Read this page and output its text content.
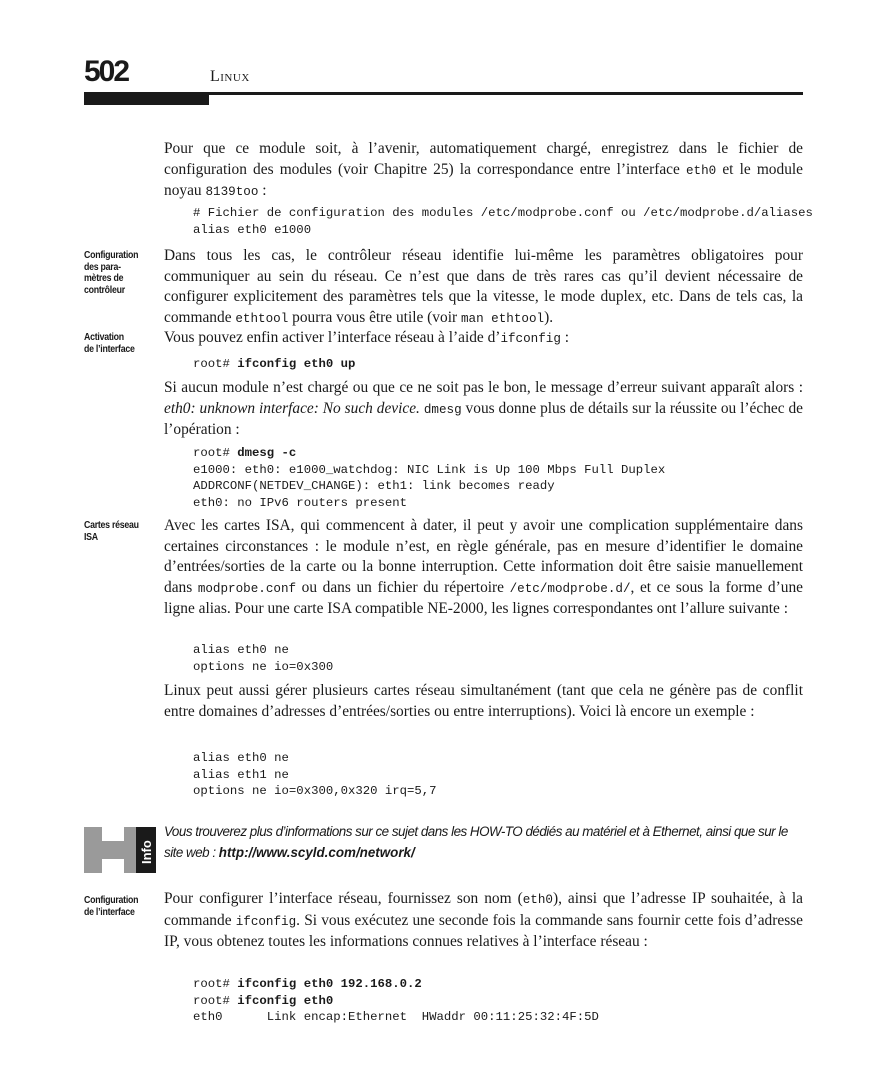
502	Linux

Pour que ce module soit, à l’avenir, automatiquement chargé, enregistrez dans le fichier de configuration des modules (voir Chapitre 25) la correspondance entre l’interface eth0 et le module noyau 8139too :

# Fichier de configuration des modules /etc/modprobe.conf ou /etc/modprobe.d/aliases
alias eth0 e1000
Configuration
des para-
mètres de
contrôleur

Dans tous les cas, le contrôleur réseau identifie lui-même les paramètres obligatoires pour communiquer au sein du réseau. Ce n’est que dans de très rares cas qu’il devient nécessaire de configurer explicitement des paramètres tels que la vitesse, le mode duplex, etc. Dans de tels cas, la commande ethtool pourra vous être utile (voir man ethtool).

Activation
de l’interface

Vous pouvez enfin activer l’interface réseau à l’aide d’ifconfig :

root# ifconfig eth0 up

Si aucun module n’est chargé ou que ce ne soit pas le bon, le message d’erreur suivant apparaît alors : eth0: unknown interface: No such device. dmesg vous donne plus de détails sur la réussite ou l’échec de l’opération :

root# dmesg -c
e1000: eth0: e1000_watchdog: NIC Link is Up 100 Mbps Full Duplex
ADDRCONF(NETDEV_CHANGE): eth1: link becomes ready
eth0: no IPv6 routers present
Cartes réseau
ISA

Avec les cartes ISA, qui commencent à dater, il peut y avoir une complication supplémentaire dans certaines circonstances : le module n’est, en règle générale, pas en mesure d’identifier le domaine d’entrées/sorties de la carte ou la bonne interruption. Cette information doit être saisie manuellement dans modprobe.conf ou dans un fichier du répertoire /etc/modprobe.d/, et ce sous la forme d’une ligne alias. Pour une carte ISA compatible NE-2000, les lignes correspondantes ont l’allure suivante :

alias eth0 ne
options ne io=0x300

Linux peut aussi gérer plusieurs cartes réseau simultanément (tant que cela ne génère pas de conflit entre domaines d’adresses d’entrées/sorties ou entre interruptions). Voici là encore un exemple :

alias eth0 ne
alias eth1 ne
options ne io=0x300,0x320 irq=5,7
Info

Vous trouverez plus d’informations sur ce sujet dans les HOW-TO dédiés au matériel et à Ethernet, ainsi que sur le site web : http://www.scyld.com/network/

Configuration
de l’interface

Pour configurer l’interface réseau, fournissez son nom (eth0), ainsi que l’adresse IP souhaitée, à la commande ifconfig. Si vous exécutez une seconde fois la commande sans fournir cette fois d’adresse IP, vous obtenez toutes les informations connues relatives à l’interface réseau :

root# ifconfig eth0 192.168.0.2
root# ifconfig eth0
eth0      Link encap:Ethernet  HWaddr 00:11:25:32:4F:5D
